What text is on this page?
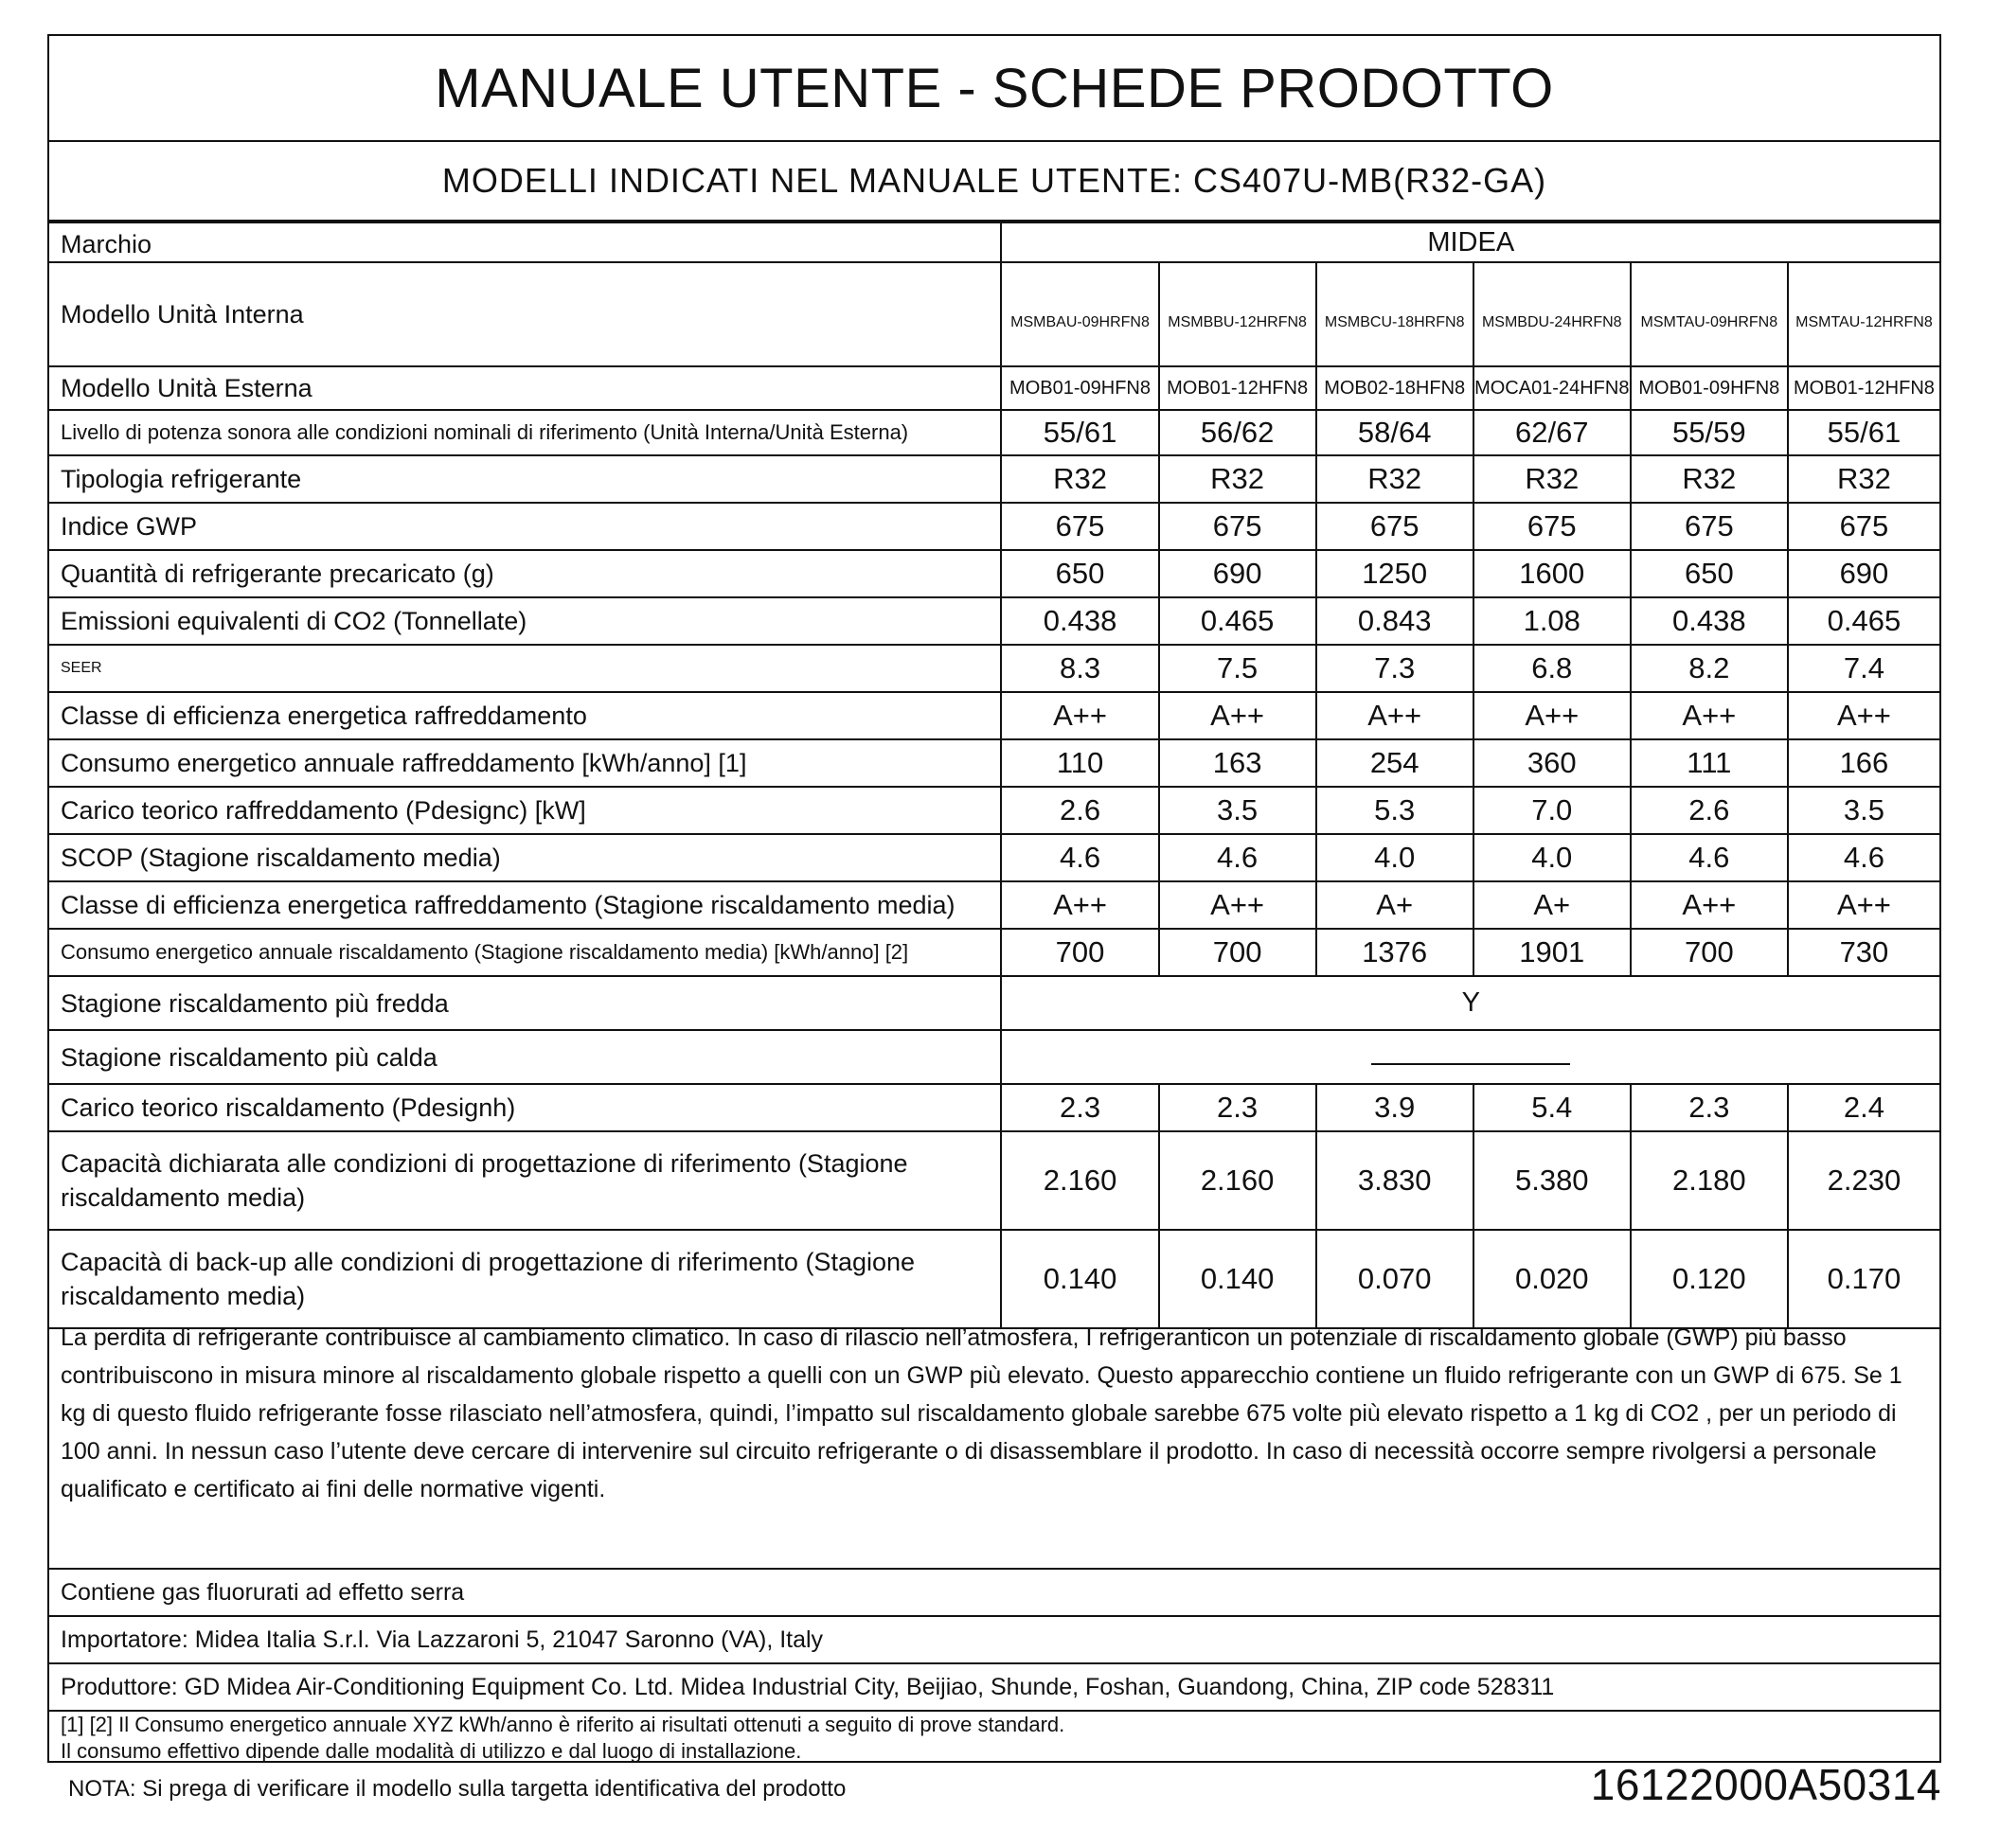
MANUALE UTENTE - SCHEDE PRODOTTO
MODELLI INDICATI NEL MANUALE UTENTE: CS407U-MB(R32-GA)
Marchio	MIDEA					
Modello Unità Interna	MSMBAU-09HRFN8	MSMBBU-12HRFN8	MSMBCU-18HRFN8	MSMBDU-24HRFN8	MSMTAU-09HRFN8	MSMTAU-12HRFN8
Modello Unità Esterna	MOB01-09HFN8	MOB01-12HFN8	MOB02-18HFN8	MOCA01-24HFN8	MOB01-09HFN8	MOB01-12HFN8
Livello di potenza sonora alle condizioni nominali di riferimento (Unità Interna/Unità Esterna)	55/61	56/62	58/64	62/67	55/59	55/61
Tipologia refrigerante	R32	R32	R32	R32	R32	R32
Indice GWP	675	675	675	675	675	675
Quantità di refrigerante precaricato (g)	650	690	1250	1600	650	690
Emissioni equivalenti di CO2 (Tonnellate)	0.438	0.465	0.843	1.08	0.438	0.465
SEER	8.3	7.5	7.3	6.8	8.2	7.4
Classe di efficienza energetica raffreddamento	A++	A++	A++	A++	A++	A++
Consumo energetico annuale raffreddamento [kWh/anno] [1]	110	163	254	360	111	166
Carico teorico raffreddamento (Pdesignc) [kW]	2.6	3.5	5.3	7.0	2.6	3.5
SCOP (Stagione riscaldamento media)	4.6	4.6	4.0	4.0	4.6	4.6
Classe di efficienza energetica raffreddamento (Stagione riscaldamento media)	A++	A++	A+	A+	A++	A++
Consumo energetico annuale riscaldamento (Stagione riscaldamento media) [kWh/anno] [2]	700	700	1376	1901	700	730
Stagione riscaldamento più fredda	Y					
Stagione riscaldamento più calda						
Carico teorico riscaldamento (Pdesignh)	2.3	2.3	3.9	5.4	2.3	2.4
Capacità dichiarata alle condizioni di progettazione di riferimento (Stagione riscaldamento media)	2.160	2.160	3.830	5.380	2.180	2.230
Capacità di back-up alle condizioni di progettazione di riferimento (Stagione riscaldamento media)	0.140	0.140	0.070	0.020	0.120	0.170
La perdita di refrigerante contribuisce al cambiamento climatico. In caso di rilascio nell’atmosfera, I refrigeranticon un potenziale di riscaldamento globale (GWP) più basso contribuiscono in misura minore al riscaldamento globale rispetto a quelli con un GWP più elevato. Questo apparecchio contiene un fluido refrigerante con un GWP di 675. Se 1 kg di questo fluido refrigerante fosse rilasciato nell’atmosfera, quindi, l’impatto sul riscaldamento globale sarebbe 675 volte più elevato rispetto a 1 kg di CO2 , per un periodo di 100 anni. In nessun caso l’utente deve cercare di intervenire sul circuito refrigerante o di disassemblare il prodotto. In caso di necessità occorre sempre rivolgersi a personale qualificato e certificato ai fini delle normative vigenti.
Contiene gas fluorurati ad effetto serra
Importatore: Midea Italia S.r.l. Via Lazzaroni 5, 21047 Saronno (VA), Italy
Produttore: GD Midea Air-Conditioning Equipment Co. Ltd. Midea Industrial City, Beijiao, Shunde, Foshan, Guandong, China, ZIP code 528311
[1] [2] Il Consumo energetico annuale XYZ kWh/anno è riferito ai risultati ottenuti a seguito di prove standard.
Il consumo effettivo dipende dalle modalità di utilizzo e dal luogo di installazione.
NOTA: Si prega di verificare il modello sulla targetta identificativa del prodotto	16122000A50314
